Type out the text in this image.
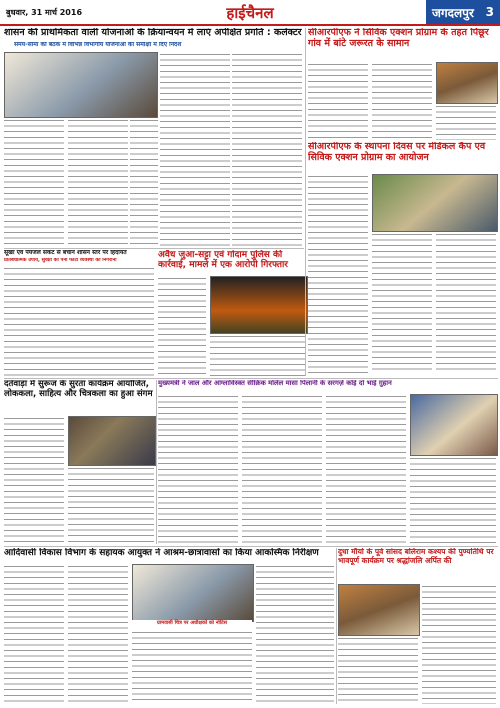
बुधवार, 31 मार्च 2016	हाईचैनल	जगदलपुर 3
शासन की प्राथमिकता वाली योजनाओं के क्रियान्वयन में लाएं अपेक्षित प्रगति : कलेक्टर
समय-सीमा की बैठक में विभिन्न विभागीय योजनाओं की समीक्षा में दिए निर्देश
सीआरपीएफ ने सिविक एक्शन प्रोग्राम के तहत पिछूर गांव में बांटे जरूरत के सामान
सूखा एवं पेयजल संकट से बचाने शासन स्तर पर हिदायतें
प्रतिबंधात्मक उपाय, सुरक्षा की पैनी फोटो व्यवस्था की निगरानी	अवैध जुआ-सट्टा एवं गोदाम पुलिस की कार्रवाई, मामले में एक आरोपी गिरफ्तार
सीआरपीएफ के स्थापना दिवस पर मेडिकल कैंप एवं सिविक एक्शन प्रोग्राम का आयोजन
मुख्यमंत्री ने जाल और आंग्लाविस्क्त सीक्रिक मलिल मासा पिलानी के सरगर्ज़ कोई दो भाई ग़ुहान
दंतेवाड़ा में सुरूज के सुरता कार्यक्रम आयोजित, लोककला, साहित्य और चित्रकला का हुआ संगम
आदिवासी विकास विभाग के सहायक आयुक्त ने आश्रम-छात्रावासों का किया आकस्मिक निरीक्षण
ग्रामवासी चित्र पर अधीक्षकों को नोटिस
दुधा मौर्या के पूर्व सांसद बलिराम कश्यप की पुण्यतिथि पर भावपूर्ण कार्यक्रम पर श्रद्धांजलि अर्पित की
